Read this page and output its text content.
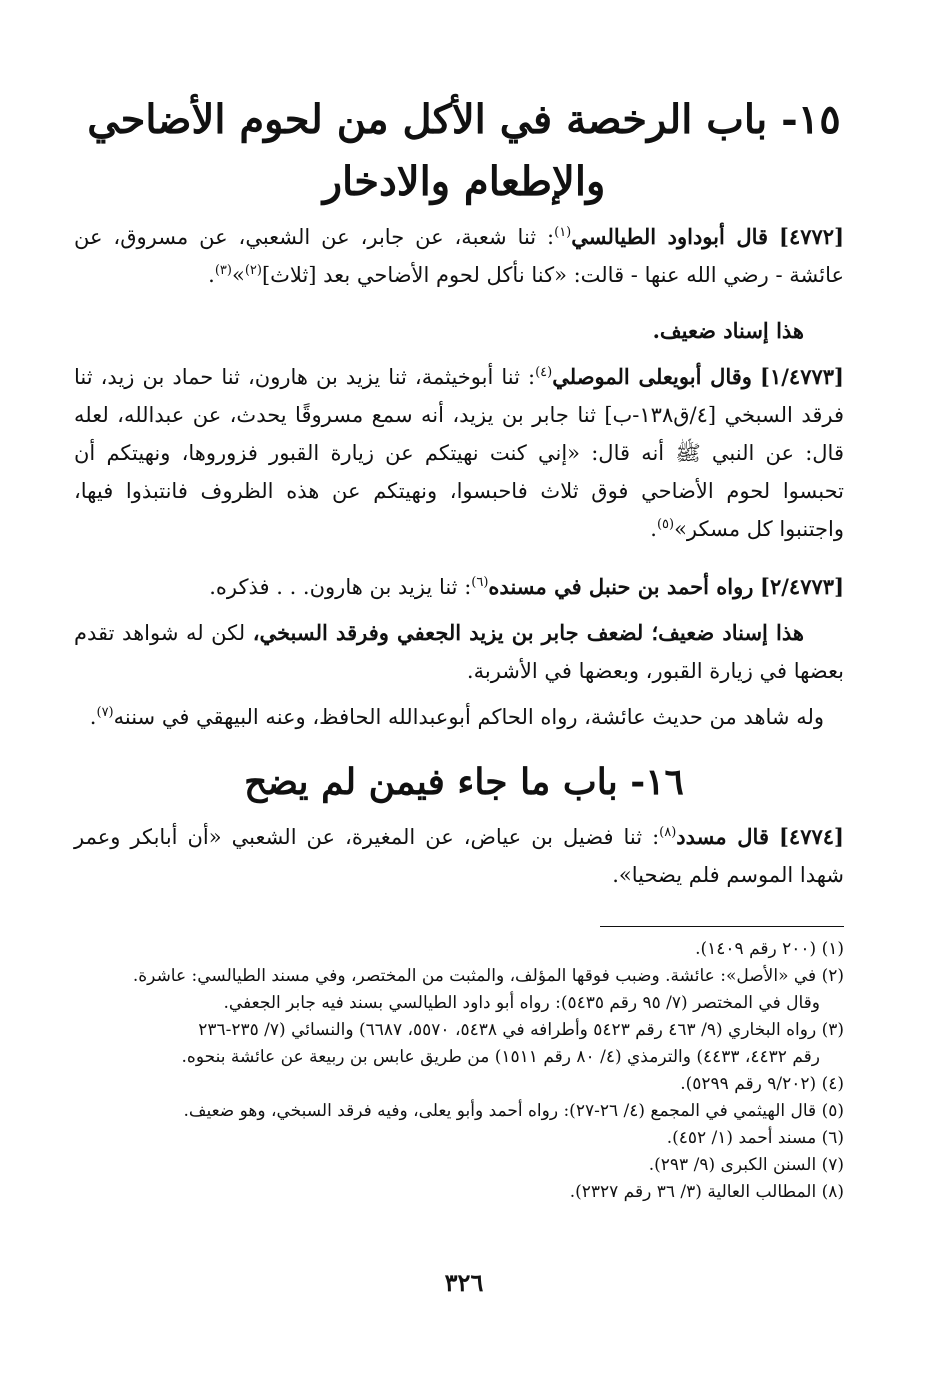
١٥- باب الرخصة في الأكل من لحوم الأضاحي
والإطعام والادخار

[٤٧٧٢] قال أبوداود الطيالسي$^{(١)}$: ثنا شعبة، عن جابر، عن الشعبي، عن مسروق، عن عائشة - رضي الله عنها - قالت: «كنا نأكل لحوم الأضاحي بعد [ثلاث]$^{(٢)}$»$^{(٣)}$.

هذا إسناد ضعيف.

[١/٤٧٧٣] وقال أبويعلى الموصلي$^{(٤)}$: ثنا أبوخيثمة، ثنا يزيد بن هارون، ثنا حماد بن زيد، ثنا فرقد السبخي [٤/ق١٣٨-ب] ثنا جابر بن يزيد، أنه سمع مسروقًا يحدث، عن عبدالله، لعله قال: عن النبي ﷺ أنه قال: «إني كنت نهيتكم عن زيارة القبور فزوروها، ونهيتكم أن تحبسوا لحوم الأضاحي فوق ثلاث فاحبسوا، ونهيتكم عن هذه الظروف فانتبذوا فيها، واجتنبوا كل مسكر»$^{(٥)}$.

[٢/٤٧٧٣] رواه أحمد بن حنبل في مسنده$^{(٦)}$: ثنا يزيد بن هارون. . . فذكره.

هذا إسناد ضعيف؛ لضعف جابر بن يزيد الجعفي وفرقد السبخي، لكن له شواهد تقدم بعضها في زيارة القبور، وبعضها في الأشربة.

وله شاهد من حديث عائشة، رواه الحاكم أبوعبدالله الحافظ، وعنه البيهقي في سننه$^{(٧)}$.

١٦- باب ما جاء فيمن لم يضح

[٤٧٧٤] قال مسدد$^{(٨)}$: ثنا فضيل بن عياض، عن المغيرة، عن الشعبي «أن أبابكر وعمر شهدا الموسم فلم يضحيا».

(١) (٢٠٠ رقم ١٤٠٩).
(٢) في «الأصل»: عائشة. وضبب فوقها المؤلف، والمثبت من المختصر، وفي مسند الطيالسي: عاشرة.
وقال في المختصر (٧/ ٩٥ رقم ٥٤٣٥): رواه أبو داود الطيالسي بسند فيه جابر الجعفي.
(٣) رواه البخاري (٩/ ٤٦٣ رقم ٥٤٢٣ وأطرافه في ٥٤٣٨، ٥٥٧٠، ٦٦٨٧) والنسائي (٧/ ٢٣٥-٢٣٦
رقم ٤٤٣٢، ٤٤٣٣) والترمذي (٤/ ٨٠ رقم ١٥١١) من طريق عابس بن ربيعة عن عائشة بنحوه.
(٤) (٩/٢٠٢ رقم ٥٢٩٩).
(٥) قال الهيثمي في المجمع (٤/ ٢٦-٢٧): رواه أحمد وأبو يعلى، وفيه فرقد السبخي، وهو ضعيف.
(٦) مسند أحمد (١/ ٤٥٢).
(٧) السنن الكبرى (٩/ ٢٩٣).
(٨) المطالب العالية (٣/ ٣٦ رقم ٢٣٢٧).
٣٢٦
